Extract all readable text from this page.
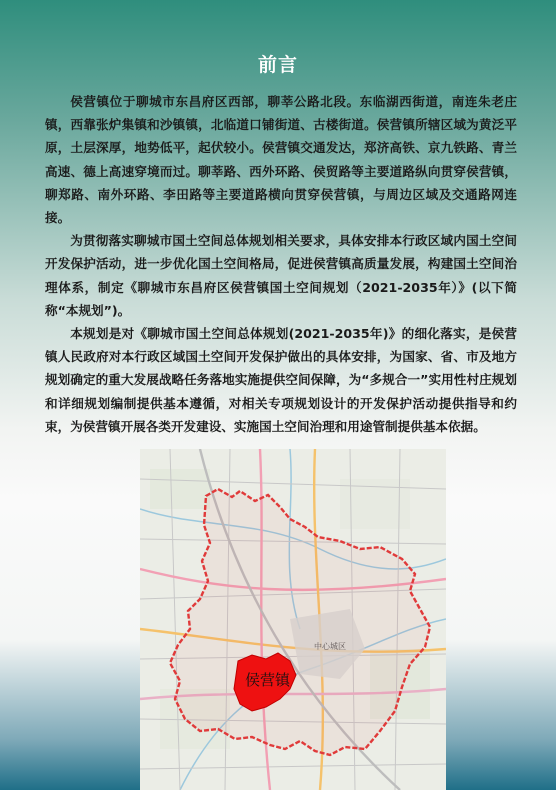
前言

侯营镇位于聊城市东昌府区西部，聊莘公路北段。东临湖西街道，南连朱老庄镇，西靠张炉集镇和沙镇镇，北临道口铺街道、古楼街道。侯营镇所辖区域为黄泛平原，土层深厚，地势低平，起伏较小。侯营镇交通发达，郑济高铁、京九铁路、青兰高速、德上高速穿境而过。聊莘路、西外环路、侯贸路等主要道路纵向贯穿侯营镇，聊郑路、南外环路、李田路等主要道路横向贯穿侯营镇，与周边区域及交通路网连接。

为贯彻落实聊城市国土空间总体规划相关要求，具体安排本行政区域内国土空间开发保护活动，进一步优化国土空间格局，促进侯营镇高质量发展，构建国土空间治理体系，制定《聊城市东昌府区侯营镇国土空间规划（2021-2035年）》(以下简称“本规划”)。

本规划是对《聊城市国土空间总体规划(2021-2035年)》的细化落实，是侯营镇人民政府对本行政区域国土空间开发保护做出的具体安排，为国家、省、市及地方规划确定的重大发展战略任务落地实施提供空间保障，为“多规合一”实用性村庄规划和详细规划编制提供基本遵循，对相关专项规划设计的开发保护活动提供指导和约束，为侯营镇开展各类开发建设、实施国土空间治理和用途管制提供基本依据。

侯营镇
